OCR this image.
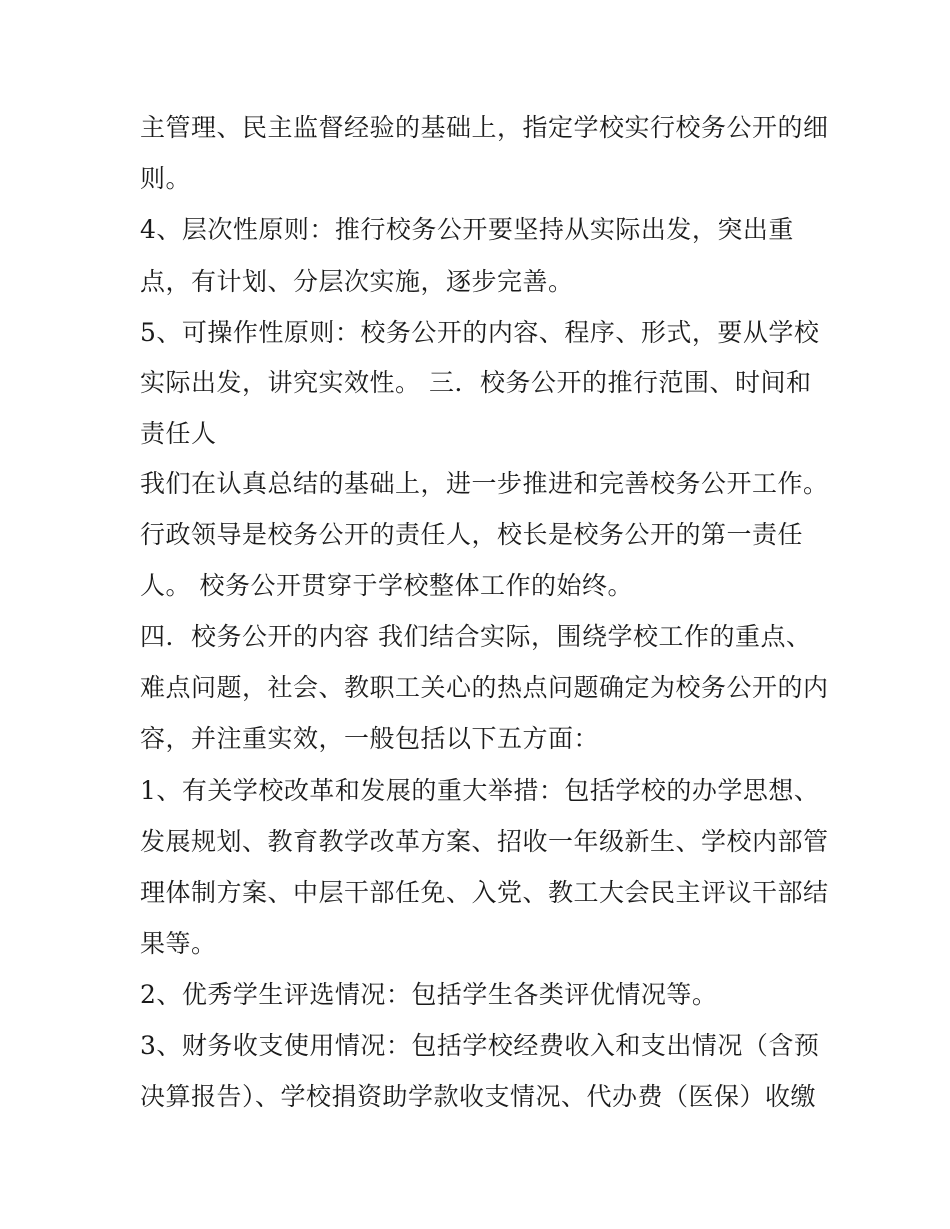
主管理、民主监督经验的基础上，指定学校实行校务公开的细

则。

4、层次性原则：推行校务公开要坚持从实际出发，突出重

点，有计划、分层次实施，逐步完善。

5、可操作性原则：校务公开的内容、程序、形式，要从学校

实际出发，讲究实效性。 三．校务公开的推行范围、时间和

责任人

我们在认真总结的基础上，进一步推进和完善校务公开工作。

行政领导是校务公开的责任人，校长是校务公开的第一责任

人。 校务公开贯穿于学校整体工作的始终。

四．校务公开的内容 我们结合实际，围绕学校工作的重点、

难点问题，社会、教职工关心的热点问题确定为校务公开的内

容，并注重实效，一般包括以下五方面：

1、有关学校改革和发展的重大举措：包括学校的办学思想、

发展规划、教育教学改革方案、招收一年级新生、学校内部管

理体制方案、中层干部任免、入党、教工大会民主评议干部结

果等。

2、优秀学生评选情况：包括学生各类评优情况等。

3、财务收支使用情况：包括学校经费收入和支出情况（含预

决算报告）、学校捐资助学款收支情况、代办费（医保）收缴
